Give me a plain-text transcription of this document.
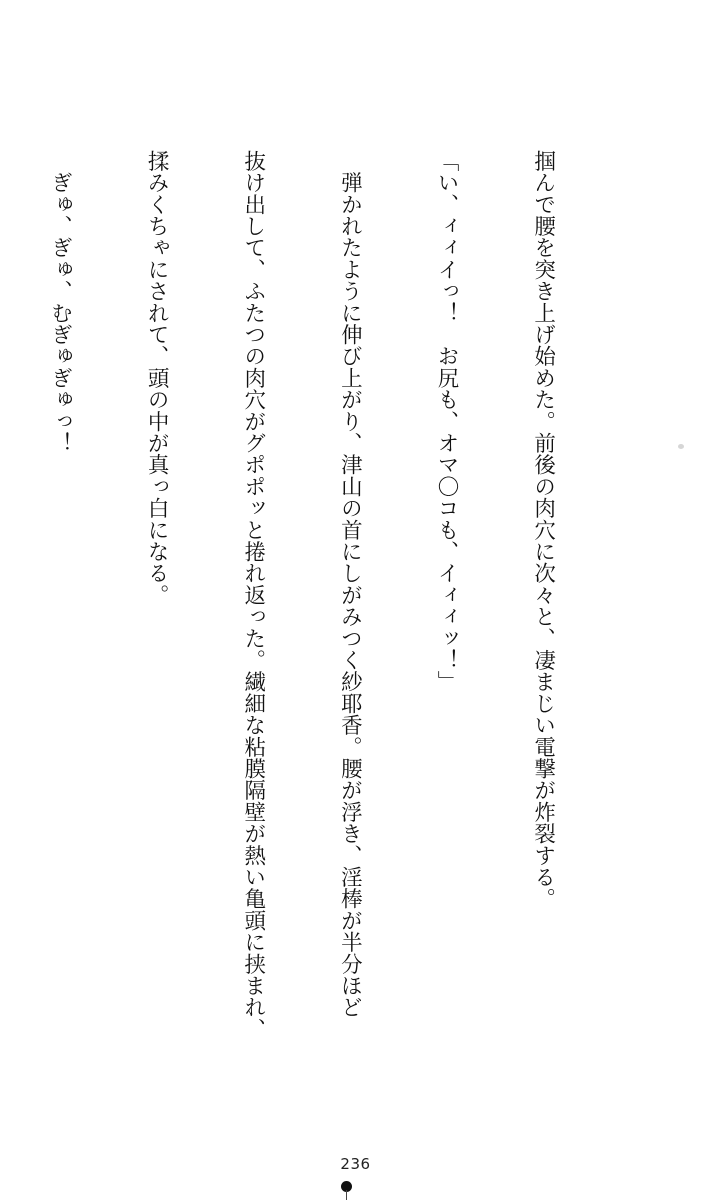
掴んで腰を突き上げ始めた。前後の肉穴に次々と、凄まじい電撃が炸裂する。

「い、ィィイっ！　お尻も、オマ〇コも、イィィッ！」

　弾かれたように伸び上がり、津山の首にしがみつく紗耶香。腰が浮き、淫棒が半分ほど

抜け出して、ふたつの肉穴がグポポッと捲れ返った。繊細な粘膜隔壁が熱い亀頭に挟まれ、

揉みくちゃにされて、頭の中が真っ白になる。

　ぎゅ、ぎゅ、むぎゅぎゅっ！

236
